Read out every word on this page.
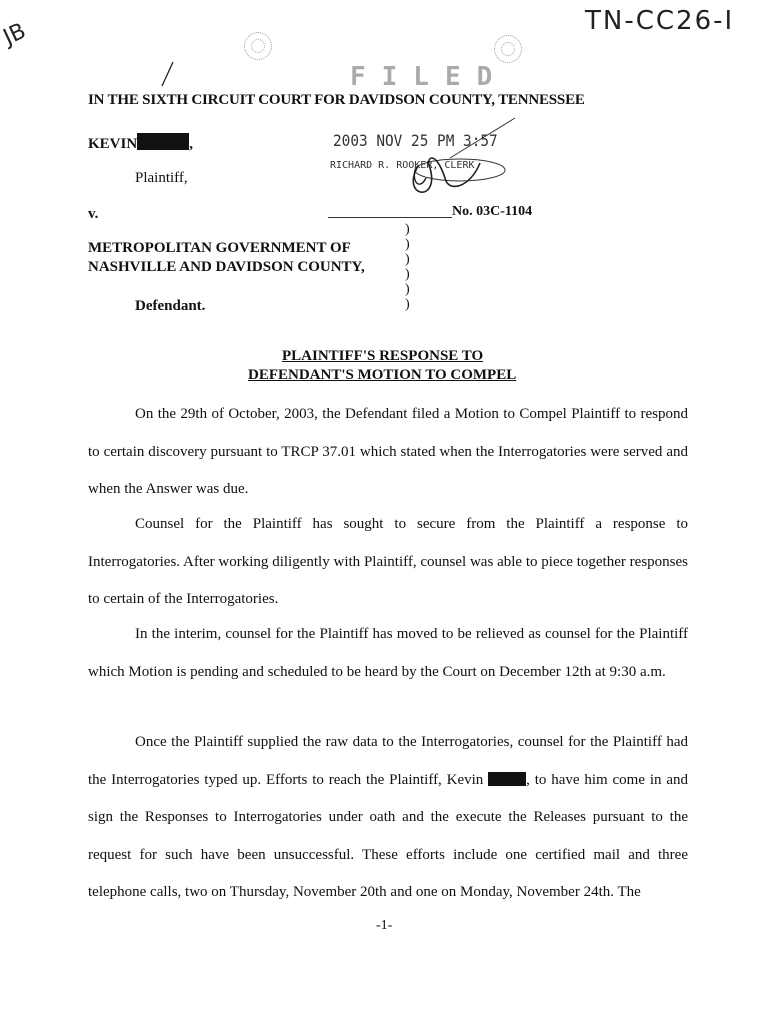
TN-CC26-I
JB
FILED
IN THE SIXTH CIRCUIT COURT FOR DAVIDSON COUNTY, TENNESSEE
KEVIN	,	2003 NOV 25 PM 3:57
RICHARD R. ROOKER, CLERK
Plaintiff,
v.	No. 03C-1104
)
)
)
)
)
)
METROPOLITAN GOVERNMENT OF
NASHVILLE AND DAVIDSON COUNTY,
Defendant.
PLAINTIFF'S RESPONSE TO
DEFENDANT'S MOTION TO COMPEL
On the 29th of October, 2003, the Defendant filed a Motion to Compel Plaintiff to respond to certain discovery pursuant to TRCP 37.01 which stated when the Interrogatories were served and when the Answer was due.
Counsel for the Plaintiff has sought to secure from the Plaintiff a response to Interrogatories. After working diligently with Plaintiff, counsel was able to piece together responses to certain of the Interrogatories.
In the interim, counsel for the Plaintiff has moved to be relieved as counsel for the Plaintiff which Motion is pending and scheduled to be heard by the Court on December 12th at 9:30 a.m.
Once the Plaintiff supplied the raw data to the Interrogatories, counsel for the Plaintiff had the Interrogatories typed up. Efforts to reach the Plaintiff, Kevin	, to have him come in and sign the Responses to Interrogatories under oath and the execute the Releases pursuant to the request for such have been unsuccessful. These efforts include one certified mail and three telephone calls, two on Thursday, November 20th and one on Monday, November 24th. The
-1-
